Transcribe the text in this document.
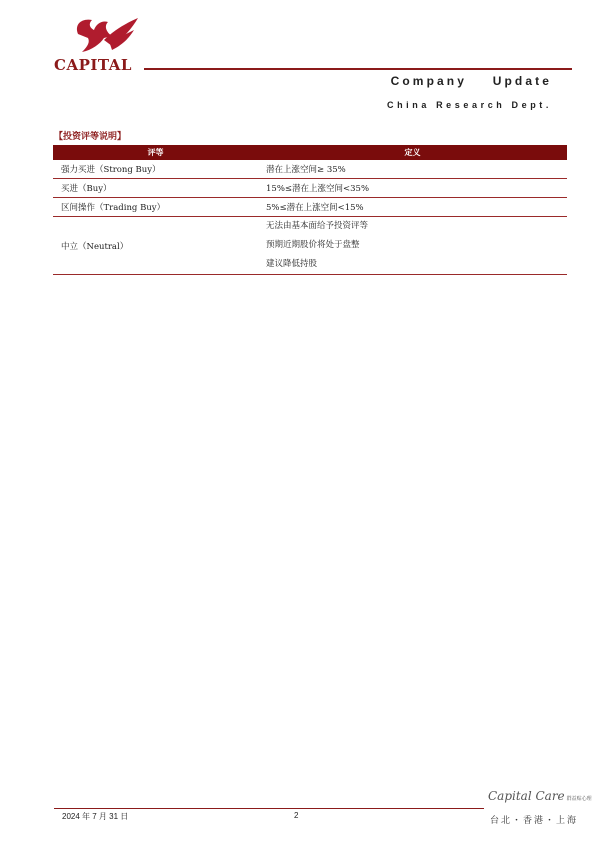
CAPITAL
Company    Update
China Research Dept.
【投资评等说明】
评等	定义
强力买进（Strong Buy）	潜在上涨空间≥ 35%
买进（Buy）	15%≤潜在上涨空间<35%
区间操作（Trading Buy）	5%≤潜在上涨空间<15%
中立（Neutral）	无法由基本面给予投资评等
预期近期股价将处于盘整
建议降低持股
Capital Care 群益贴心理
2024 年 7 月 31 日	2
台北・香港・上海
